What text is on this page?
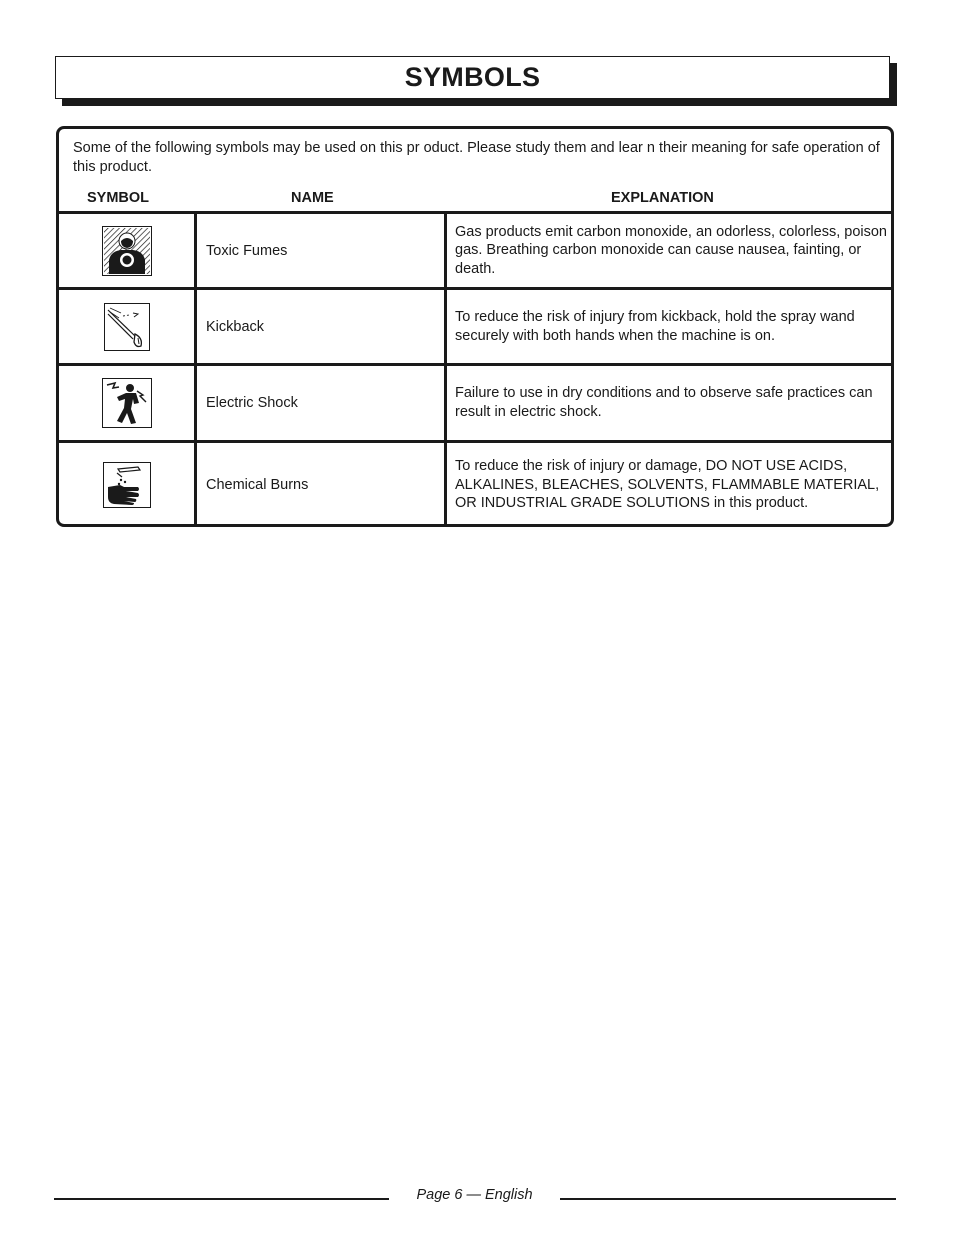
SYMBOLS
Some of the following symbols may be used on this pr oduct. Please study them and lear n their meaning for safe operation of this product.
SYMBOL	NAME	EXPLANATION
Toxic Fumes
Gas products emit carbon monoxide, an odorless, colorless, poison gas. Breathing carbon monoxide can cause nausea, fainting, or death.
Kickback
To reduce the risk of injury from kickback, hold the spray wand securely with both hands when the machine is on.
Electric Shock
Failure to use in dry conditions and to observe safe practices can result in electric shock.
Chemical Burns
To reduce the risk of injury or damage, DO NOT USE ACIDS, ALKALINES, BLEACHES, SOLVENTS, FLAMMABLE MATERIAL, OR INDUSTRIAL GRADE SOLUTIONS in this product.
Page 6 — English
